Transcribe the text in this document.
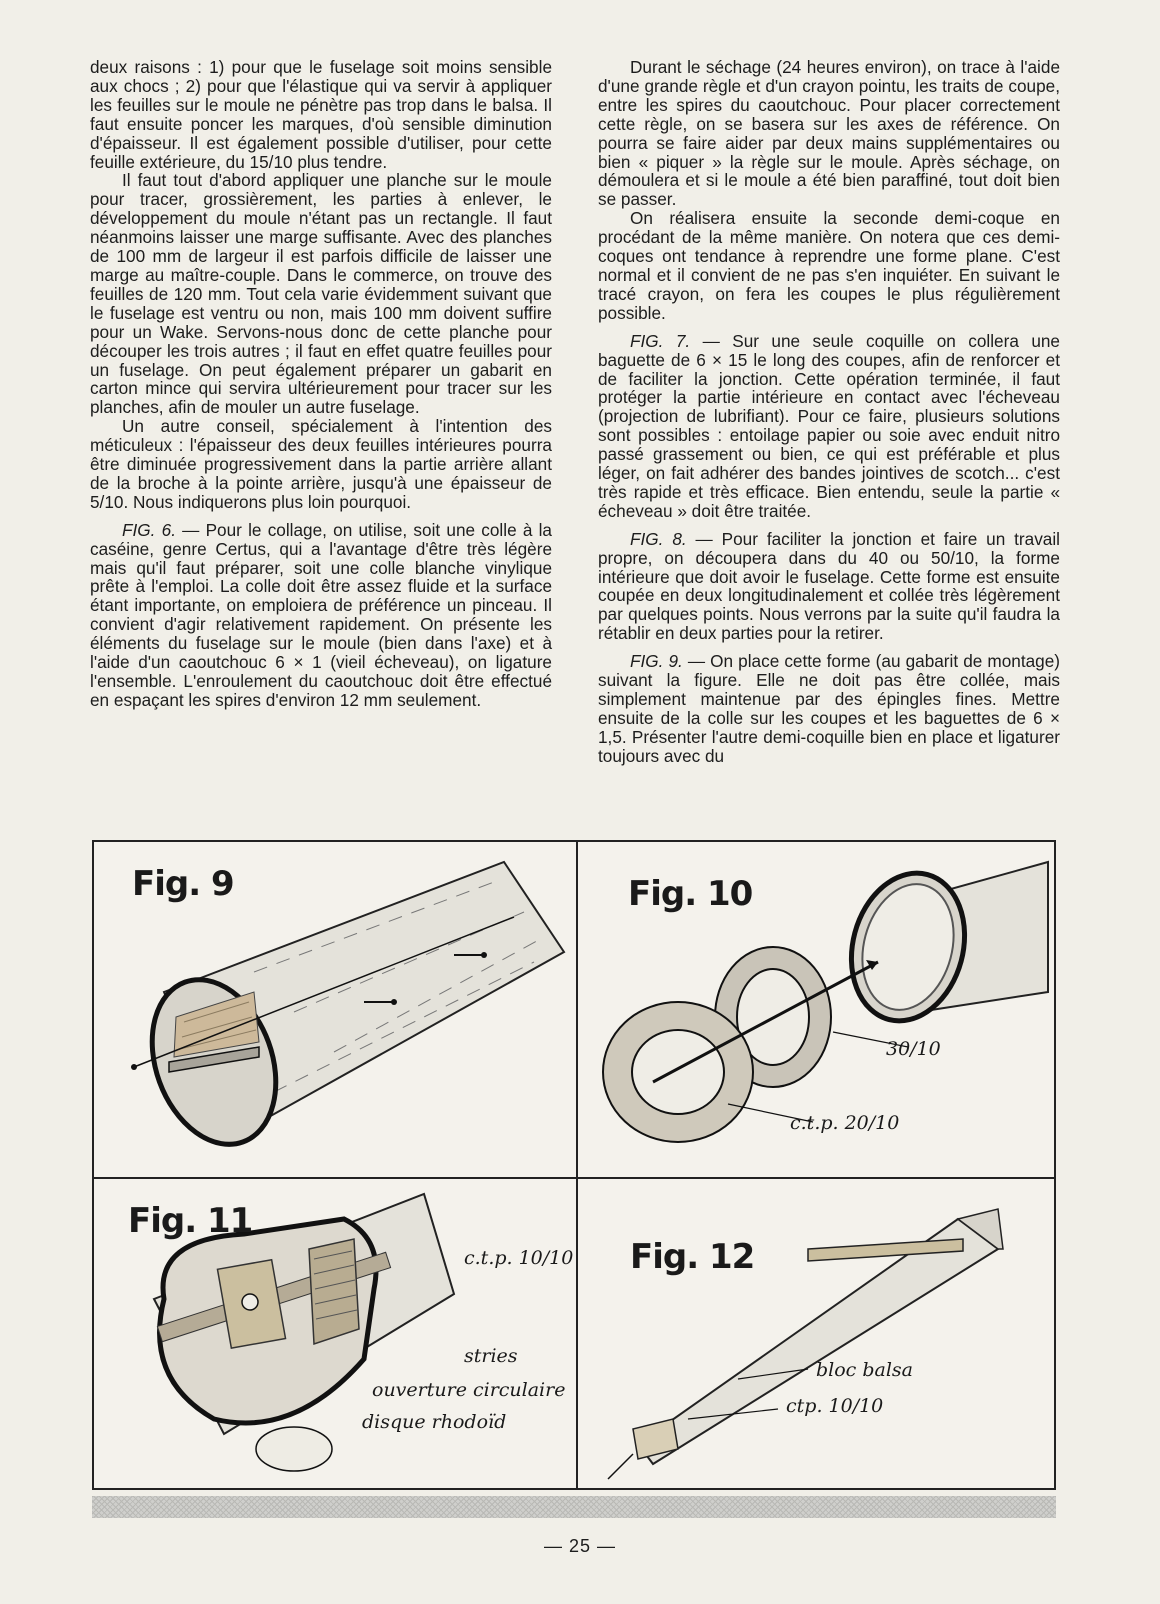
deux raisons : 1) pour que le fuselage soit moins sensible aux chocs ; 2) pour que l'élastique qui va servir à appliquer les feuilles sur le moule ne pénètre pas trop dans le balsa. Il faut ensuite poncer les marques, d'où sensible diminution d'épaisseur. Il est également possible d'utiliser, pour cette feuille extérieure, du 15/10 plus tendre.

Il faut tout d'abord appliquer une planche sur le moule pour tracer, grossièrement, les parties à enlever, le développement du moule n'étant pas un rectangle. Il faut néanmoins laisser une marge suffisante. Avec des planches de 100 mm de largeur il est parfois difficile de laisser une marge au maître-couple. Dans le commerce, on trouve des feuilles de 120 mm. Tout cela varie évidemment suivant que le fuselage est ventru ou non, mais 100 mm doivent suffire pour un Wake. Servons-nous donc de cette planche pour découper les trois autres ; il faut en effet quatre feuilles pour un fuselage. On peut également préparer un gabarit en carton mince qui servira ultérieurement pour tracer sur les planches, afin de mouler un autre fuselage.

Un autre conseil, spécialement à l'intention des méticuleux : l'épaisseur des deux feuilles intérieures pourra être diminuée progressivement dans la partie arrière allant de la broche à la pointe arrière, jusqu'à une épaisseur de 5/10. Nous indiquerons plus loin pourquoi.

FIG. 6. — Pour le collage, on utilise, soit une colle à la caséine, genre Certus, qui a l'avantage d'être très légère mais qu'il faut préparer, soit une colle blanche vinylique prête à l'emploi. La colle doit être assez fluide et la surface étant importante, on emploiera de préférence un pinceau. Il convient d'agir relativement rapidement. On présente les éléments du fuselage sur le moule (bien dans l'axe) et à l'aide d'un caoutchouc 6 × 1 (vieil écheveau), on ligature l'ensemble. L'enroulement du caoutchouc doit être effectué en espaçant les spires d'environ 12 mm seulement.

Durant le séchage (24 heures environ), on trace à l'aide d'une grande règle et d'un crayon pointu, les traits de coupe, entre les spires du caoutchouc. Pour placer correctement cette règle, on se basera sur les axes de référence. On pourra se faire aider par deux mains supplémentaires ou bien « piquer » la règle sur le moule. Après séchage, on démoulera et si le moule a été bien paraffiné, tout doit bien se passer.

On réalisera ensuite la seconde demi-coque en procédant de la même manière. On notera que ces demi-coques ont tendance à reprendre une forme plane. C'est normal et il convient de ne pas s'en inquiéter. En suivant le tracé crayon, on fera les coupes le plus régulièrement possible.

FIG. 7. — Sur une seule coquille on collera une baguette de 6 × 15 le long des coupes, afin de renforcer et de faciliter la jonction. Cette opération terminée, il faut protéger la partie intérieure en contact avec l'écheveau (projection de lubrifiant). Pour ce faire, plusieurs solutions sont possibles : entoilage papier ou soie avec enduit nitro passé grassement ou bien, ce qui est préférable et plus léger, on fait adhérer des bandes jointives de scotch... c'est très rapide et très efficace. Bien entendu, seule la partie « écheveau » doit être traitée.

FIG. 8. — Pour faciliter la jonction et faire un travail propre, on découpera dans du 40 ou 50/10, la forme intérieure que doit avoir le fuselage. Cette forme est ensuite coupée en deux longitudinalement et collée très légèrement par quelques points. Nous verrons par la suite qu'il faudra la rétablir en deux parties pour la retirer.

FIG. 9. — On place cette forme (au gabarit de montage) suivant la figure. Elle ne doit pas être collée, mais simplement maintenue par des épingles fines. Mettre ensuite de la colle sur les coupes et les baguettes de 6 × 1,5. Présenter l'autre demi-coquille bien en place et ligaturer toujours avec du

Fig. 9	Fig. 10
30/10
c.t.p. 20/10
Fig. 11
c.t.p. 10/10
stries
ouverture circulaire
disque rhodoïd
Fig. 12
bloc balsa
ctp. 10/10
— 25 —
